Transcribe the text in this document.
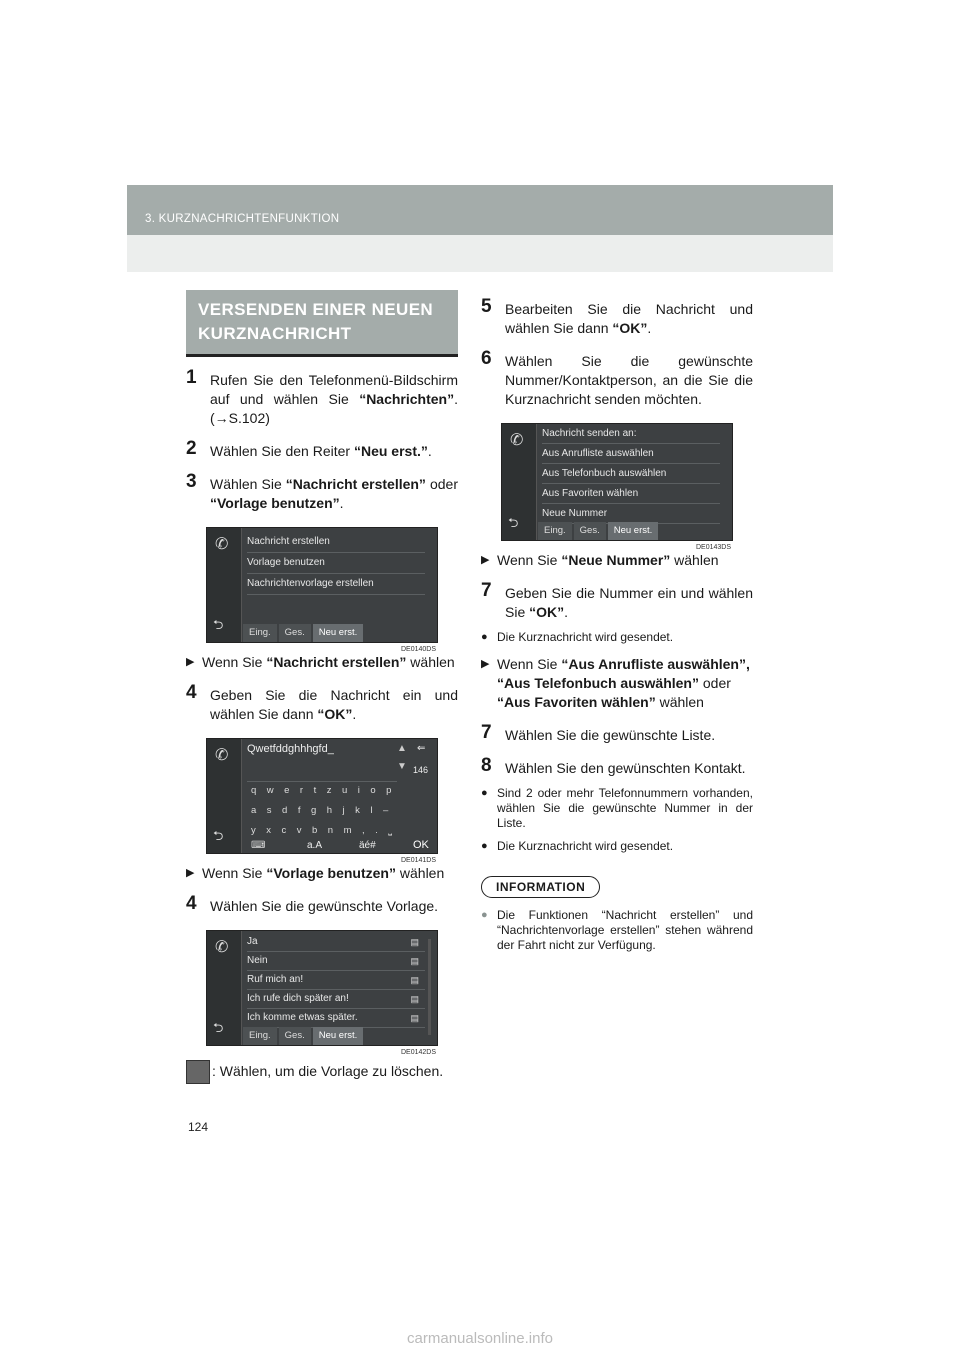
3. KURZNACHRICHTENFUNKTION
VERSENDEN EINER NEUEN KURZNACHRICHT
1 Rufen Sie den Telefonmenü-Bildschirm auf und wählen Sie “Nachrichten”. (→S.102)
2 Wählen Sie den Reiter “Neu erst.”.
3 Wählen Sie “Nachricht erstellen” oder “Vorlage benutzen”.
✆
⮌
Nachricht erstellen
Vorlage benutzen
Nachrichtenvorlage erstellen
Eing.	Ges.	Neu erst.
DE0140DS
▶ Wenn Sie “Nachricht erstellen” wählen
4 Geben Sie die Nachricht ein und wählen Sie dann “OK”.
✆
⮌
Qwetfddghhhgfd_	▲
▼
⇐
146
qwertzuiop
asdfghjkl–
yxcvbnm,.⎵
⌨	a.A	äé#	OK
DE0141DS
▶ Wenn Sie “Vorlage benutzen” wählen
4 Wählen Sie die gewünschte Vorlage.
✆
⮌
Ja
Nein
Ruf mich an!
Ich rufe dich später an!
Ich komme etwas später.
▤
▤
▤
▤
▤
Eing.	Ges.	Neu erst.
DE0142DS
: Wählen, um die Vorlage zu löschen.
5 Bearbeiten Sie die Nachricht und wählen Sie dann “OK”.
6 Wählen Sie die gewünschte Nummer/Kontaktperson, an die Sie die Kurznachricht senden möchten.
✆
⮌
Nachricht senden an:
Aus Anrufliste auswählen
Aus Telefonbuch auswählen
Aus Favoriten wählen
Neue Nummer
Eing.	Ges.	Neu erst.
DE0143DS
▶ Wenn Sie “Neue Nummer” wählen
7 Geben Sie die Nummer ein und wählen Sie “OK”.
● Die Kurznachricht wird gesendet.
▶ Wenn Sie “Aus Anrufliste auswählen”, “Aus Telefonbuch auswählen” oder “Aus Favoriten wählen” wählen
7 Wählen Sie die gewünschte Liste.
8 Wählen Sie den gewünschten Kontakt.
● Sind 2 oder mehr Telefonnummern vorhanden, wählen Sie die gewünschte Nummer in der Liste.
● Die Kurznachricht wird gesendet.
INFORMATION
● Die Funktionen “Nachricht erstellen” und “Nachrichtenvorlage erstellen” stehen während der Fahrt nicht zur Verfügung.
124
carmanualsonline.info
